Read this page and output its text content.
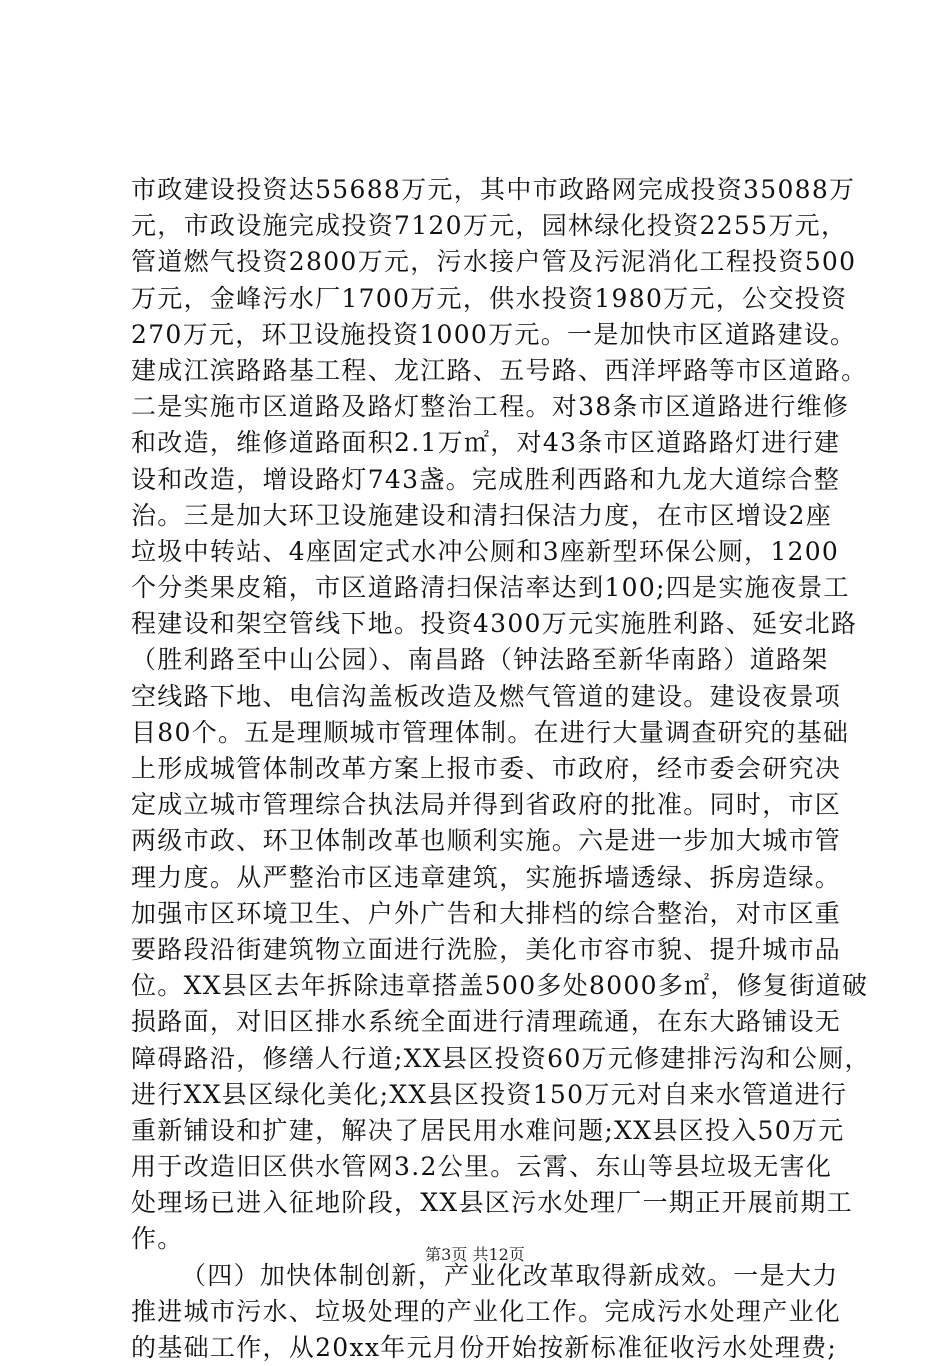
市政建设投资达55688万元，其中市政路网完成投资35088万
元，市政设施完成投资7120万元，园林绿化投资2255万元，
管道燃气投资2800万元，污水接户管及污泥消化工程投资500
万元，金峰污水厂1700万元，供水投资1980万元，公交投资
270万元，环卫设施投资1000万元。一是加快市区道路建设。
建成江滨路路基工程、龙江路、五号路、西洋坪路等市区道路。
二是实施市区道路及路灯整治工程。对38条市区道路进行维修
和改造，维修道路面积2.1万㎡，对43条市区道路路灯进行建
设和改造，增设路灯743盏。完成胜利西路和九龙大道综合整
治。三是加大环卫设施建设和清扫保洁力度，在市区增设2座
垃圾中转站、4座固定式水冲公厕和3座新型环保公厕，1200
个分类果皮箱，市区道路清扫保洁率达到100;四是实施夜景工
程建设和架空管线下地。投资4300万元实施胜利路、延安北路
（胜利路至中山公园）、南昌路（钟法路至新华南路）道路架
空线路下地、电信沟盖板改造及燃气管道的建设。建设夜景项
目80个。五是理顺城市管理体制。在进行大量调查研究的基础
上形成城管体制改革方案上报市委、市政府，经市委会研究决
定成立城市管理综合执法局并得到省政府的批准。同时，市区
两级市政、环卫体制改革也顺利实施。六是进一步加大城市管
理力度。从严整治市区违章建筑，实施拆墙透绿、拆房造绿。
加强市区环境卫生、户外广告和大排档的综合整治，对市区重
要路段沿街建筑物立面进行洗脸，美化市容市貌、提升城市品
位。XX县区去年拆除违章搭盖500多处8000多㎡，修复街道破
损路面，对旧区排水系统全面进行清理疏通，在东大路铺设无
障碍路沿，修缮人行道;XX县区投资60万元修建排污沟和公厕，
进行XX县区绿化美化;XX县区投资150万元对自来水管道进行
重新铺设和扩建，解决了居民用水难问题;XX县区投入50万元
用于改造旧区供水管网3.2公里。云霄、东山等县垃圾无害化
处理场已进入征地阶段，XX县区污水处理厂一期正开展前期工
作。
（四）加快体制创新，产业化改革取得新成效。一是大力
推进城市污水、垃圾处理的产业化工作。完成污水处理产业化
的基础工作，从20xx年元月份开始按新标准征收污水处理费;
第3页 共12页
